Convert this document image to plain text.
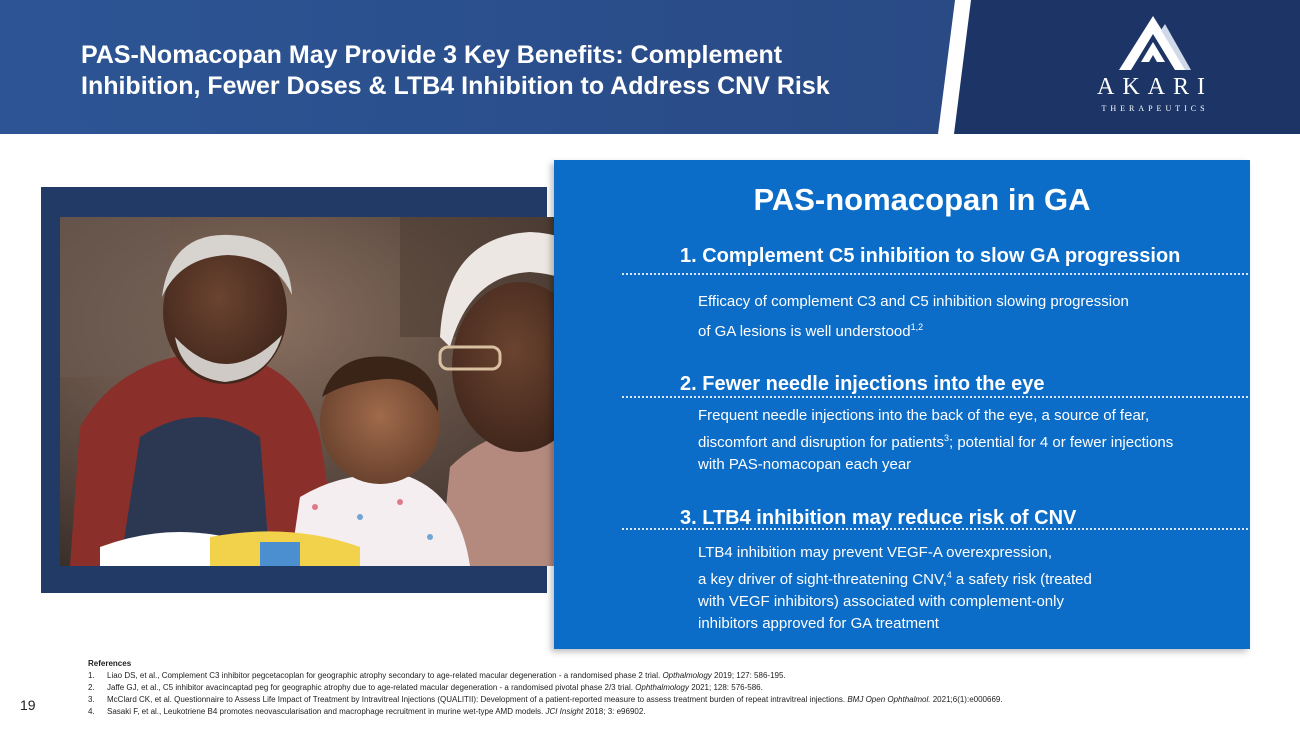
PAS-Nomacopan May Provide 3 Key Benefits: Complement
Inhibition, Fewer Doses & LTB4 Inhibition to Address CNV Risk	AKARI
THERAPEUTICS
PAS-nomacopan in GA
1. Complement C5 inhibition to slow GA progression

Efficacy of complement C3 and C5 inhibition slowing progression
of GA lesions is well understood$^{1,2}$

2. Fewer needle injections into the eye

Frequent needle injections into the back of the eye, a source of fear,
discomfort and disruption for patients$^3$; potential for 4 or fewer injections
with PAS-nomacopan each year

3. LTB4 inhibition may reduce risk of CNV

LTB4 inhibition may prevent VEGF-A overexpression,
a key driver of sight-threatening CNV,$^4$ a safety risk (treated
with VEGF inhibitors) associated with complement-only
inhibitors approved for GA treatment

References
1.	Liao DS, et al., Complement C3 inhibitor pegcetacoplan for geographic atrophy secondary to age-related macular degeneration - a randomised phase 2 trial. Opthalmology 2019; 127: 586-195.
2.	Jaffe GJ, et al., C5 inhibitor avacincaptad peg for geographic atrophy due to age-related macular degeneration - a randomised pivotal phase 2/3 trial. Ophthalmology 2021; 128: 576-586.
3.	McClard CK, et al. Questionnaire to Assess Life Impact of Treatment by Intravitreal Injections (QUALITII): Development of a patient-reported measure to assess treatment burden of repeat intravitreal injections. BMJ Open Ophthalmol. 2021;6(1):e000669.
4.	Sasaki F, et al., Leukotriene B4 promotes neovascularisation and macrophage recruitment in murine wet-type AMD models. JCI Insight 2018; 3: e96902.
19
